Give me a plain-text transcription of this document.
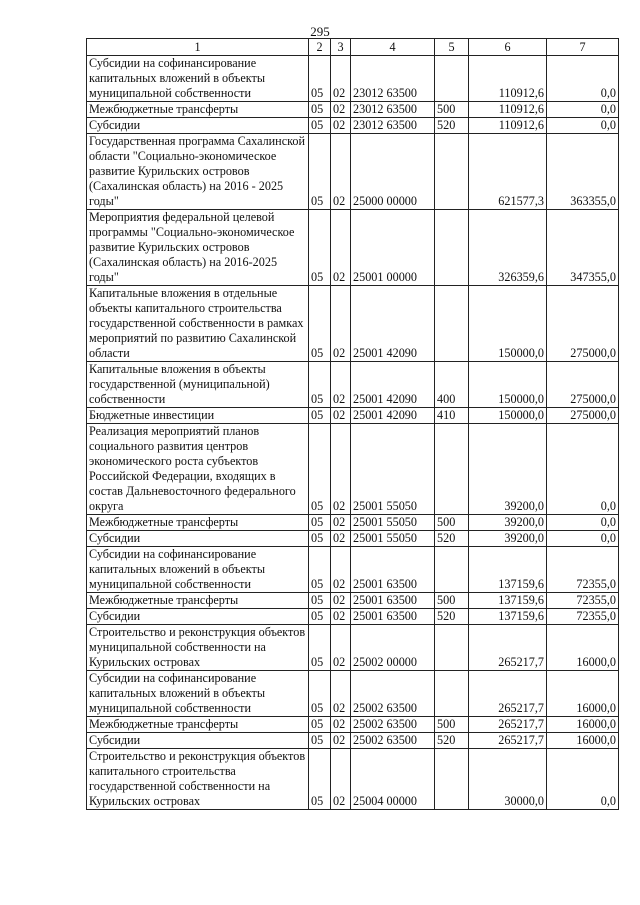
295
1	2	3	4	5	6	7
Субсидии на софинансирование капитальных вложений в объекты муниципальной собственности	05	02	23012 63500		110912,6	0,0
Межбюджетные трансферты	05	02	23012 63500	500	110912,6	0,0
Субсидии	05	02	23012 63500	520	110912,6	0,0
Государственная программа Сахалинской области "Социально-экономическое развитие Курильских островов (Сахалинская область) на 2016 - 2025 годы"	05	02	25000 00000		621577,3	363355,0
Мероприятия федеральной целевой программы "Социально-экономическое развитие Курильских островов (Сахалинская область) на 2016-2025 годы"	05	02	25001 00000		326359,6	347355,0
Капитальные вложения в отдельные объекты капитального строительства государственной собственности в рамках мероприятий по развитию Сахалинской области	05	02	25001 42090		150000,0	275000,0
Капитальные вложения в объекты государственной (муниципальной) собственности	05	02	25001 42090	400	150000,0	275000,0
Бюджетные инвестиции	05	02	25001 42090	410	150000,0	275000,0
Реализация мероприятий планов социального развития центров экономического роста субъектов Российской Федерации, входящих в состав Дальневосточного федерального округа	05	02	25001 55050		39200,0	0,0
Межбюджетные трансферты	05	02	25001 55050	500	39200,0	0,0
Субсидии	05	02	25001 55050	520	39200,0	0,0
Субсидии на софинансирование капитальных вложений в объекты муниципальной собственности	05	02	25001 63500		137159,6	72355,0
Межбюджетные трансферты	05	02	25001 63500	500	137159,6	72355,0
Субсидии	05	02	25001 63500	520	137159,6	72355,0
Строительство и реконструкция объектов муниципальной собственности на Курильских островах	05	02	25002 00000		265217,7	16000,0
Субсидии на софинансирование капитальных вложений в объекты муниципальной собственности	05	02	25002 63500		265217,7	16000,0
Межбюджетные трансферты	05	02	25002 63500	500	265217,7	16000,0
Субсидии	05	02	25002 63500	520	265217,7	16000,0
Строительство и реконструкция объектов капитального строительства государственной собственности на Курильских островах	05	02	25004 00000		30000,0	0,0
